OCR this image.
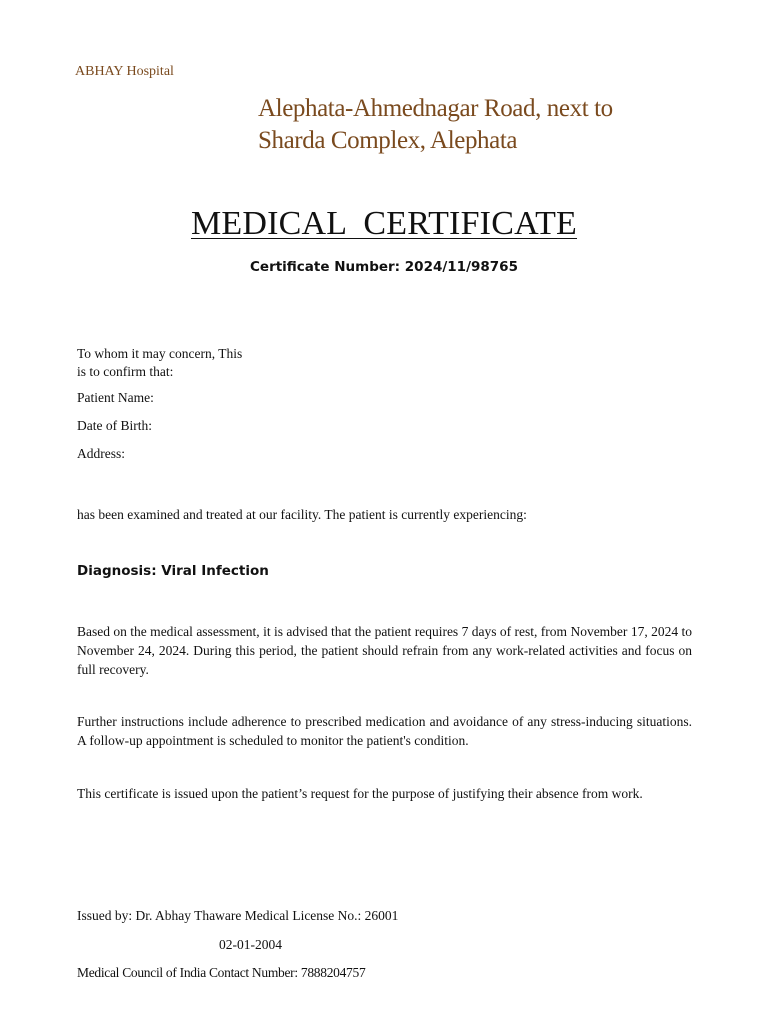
ABHAY Hospital
Alephata-Ahmednagar Road, next to
Sharda Complex, Alephata
MEDICAL  CERTIFICATE
Certificate Number: 2024/11/98765
To whom it may concern, This
is to confirm that:
Patient Name:
Date of Birth:
Address:
has been examined and treated at our facility. The patient is currently experiencing:
Diagnosis: Viral Infection
Based on the medical assessment, it is advised that the patient requires 7 days of rest, from November 17, 2024 to November 24, 2024. During this period, the patient should refrain from any work-related activities and focus on full recovery.
Further instructions include adherence to prescribed medication and avoidance of any stress-inducing situations. A follow-up appointment is scheduled to monitor the patient's condition.
This certificate is issued upon the patient’s request for the purpose of justifying their absence from work.
Issued by: Dr. Abhay Thaware Medical License No.: 26001
02-01-2004
Medical Council of India Contact Number: 7888204757
